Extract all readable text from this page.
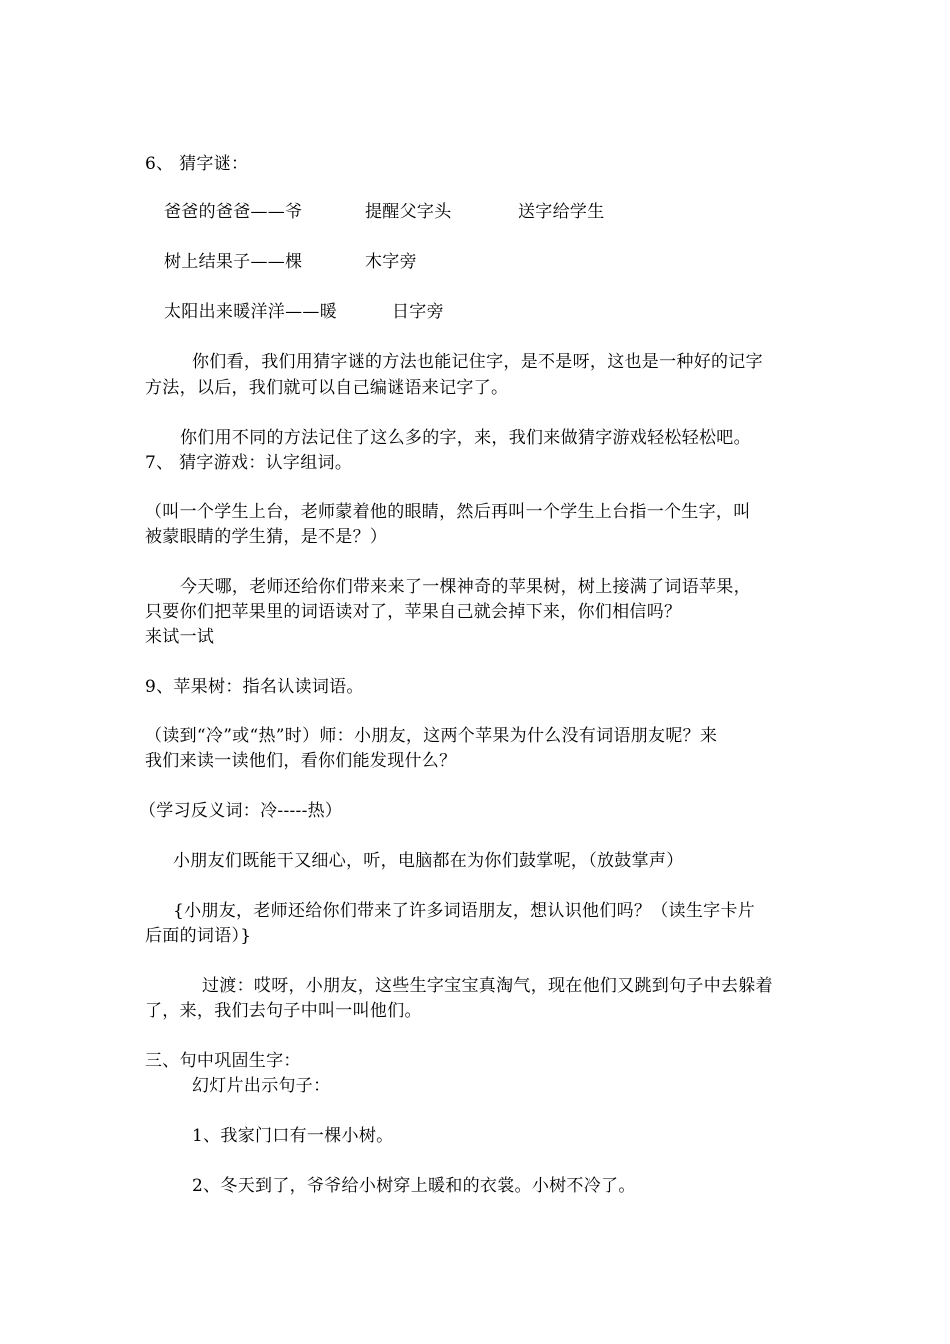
6、 猜字谜：
爸爸的爸爸——爷	提醒父字头	送字给学生
树上结果子——棵	木字旁
太阳出来暖洋洋——暖	日字旁
你们看，我们用猜字谜的方法也能记住字，是不是呀，这也是一种好的记字
方法，以后，我们就可以自己编谜语来记字了。
你们用不同的方法记住了这么多的字，来，我们来做猜字游戏轻松轻松吧。
7、 猜字游戏：认字组词。
（叫一个学生上台，老师蒙着他的眼睛，然后再叫一个学生上台指一个生字，叫
被蒙眼睛的学生猜，是不是？）
今天哪，老师还给你们带来来了一棵神奇的苹果树，树上接满了词语苹果，
只要你们把苹果里的词语读对了，苹果自己就会掉下来，你们相信吗？
来试一试
9、苹果树：指名认读词语。
（读到“冷”或“热”时）师：小朋友，这两个苹果为什么没有词语朋友呢？来
我们来读一读他们，看你们能发现什么？
（学习反义词：冷-----热）
小朋友们既能干又细心，听，电脑都在为你们鼓掌呢，（放鼓掌声）
{小朋友，老师还给你们带来了许多词语朋友，想认识他们吗？（读生字卡片
后面的词语）}
过渡：哎呀，小朋友，这些生字宝宝真淘气，现在他们又跳到句子中去躲着
了，来，我们去句子中叫一叫他们。
三、句中巩固生字：
幻灯片出示句子：
1、我家门口有一棵小树。
2、冬天到了，爷爷给小树穿上暖和的衣裳。小树不冷了。
